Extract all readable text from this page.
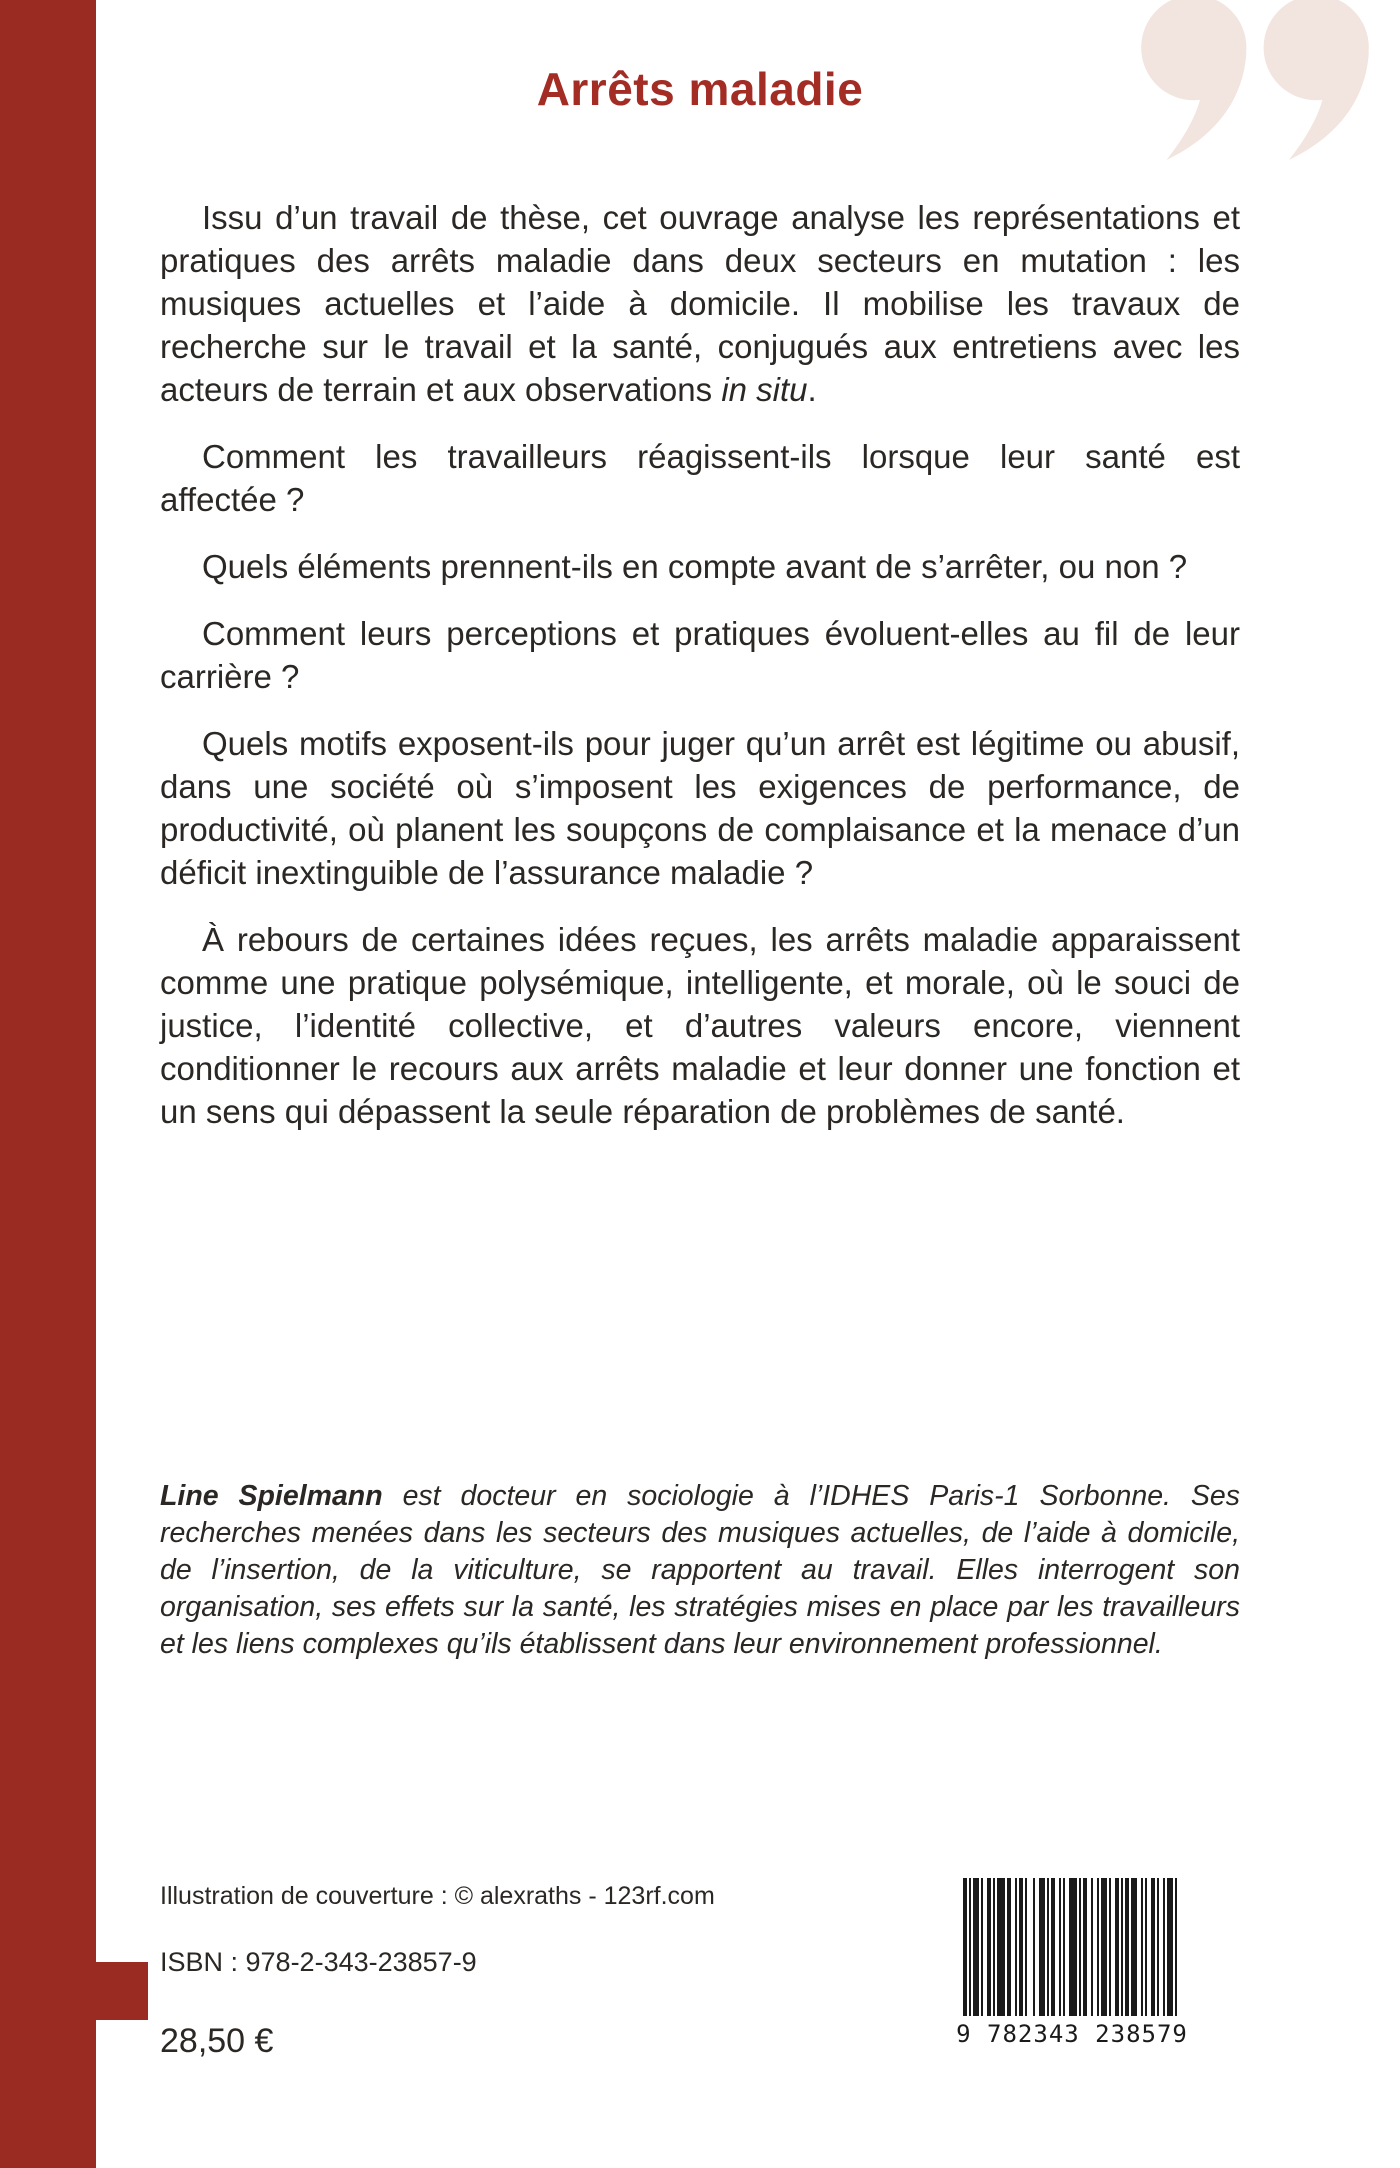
Arrêts maladie

Issu d’un travail de thèse, cet ouvrage analyse les représentations et pratiques des arrêts maladie dans deux secteurs en mutation : les musiques actuelles et l’aide à domicile. Il mobilise les travaux de recherche sur le travail et la santé, conjugués aux entretiens avec les acteurs de terrain et aux observations in situ.

Comment les travailleurs réagissent-ils lorsque leur santé est affectée ?

Quels éléments prennent-ils en compte avant de s’arrêter, ou non ?

Comment leurs perceptions et pratiques évoluent-elles au fil de leur carrière ?

Quels motifs exposent-ils pour juger qu’un arrêt est légitime ou abusif, dans une société où s’imposent les exigences de performance, de productivité, où planent les soupçons de complaisance et la menace d’un déficit inextinguible de l’assurance maladie ?

À rebours de certaines idées reçues, les arrêts maladie apparaissent comme une pratique polysémique, intelligente, et morale, où le souci de justice, l’identité collective, et d’autres valeurs encore, viennent conditionner le recours aux arrêts maladie et leur donner une fonction et un sens qui dépassent la seule réparation de problèmes de santé.

Line Spielmann est docteur en sociologie à l’IDHES Paris-1 Sorbonne. Ses recherches menées dans les secteurs des musiques actuelles, de l’aide à domicile, de l’insertion, de la viticulture, se rapportent au travail. Elles interrogent son organisation, ses effets sur la santé, les stratégies mises en place par les travailleurs et les liens complexes qu’ils établissent dans leur environnement professionnel.
Illustration de couverture : © alexraths - 123rf.com
ISBN : 978-2-343-23857-9
28,50 €	9 782343 238579
